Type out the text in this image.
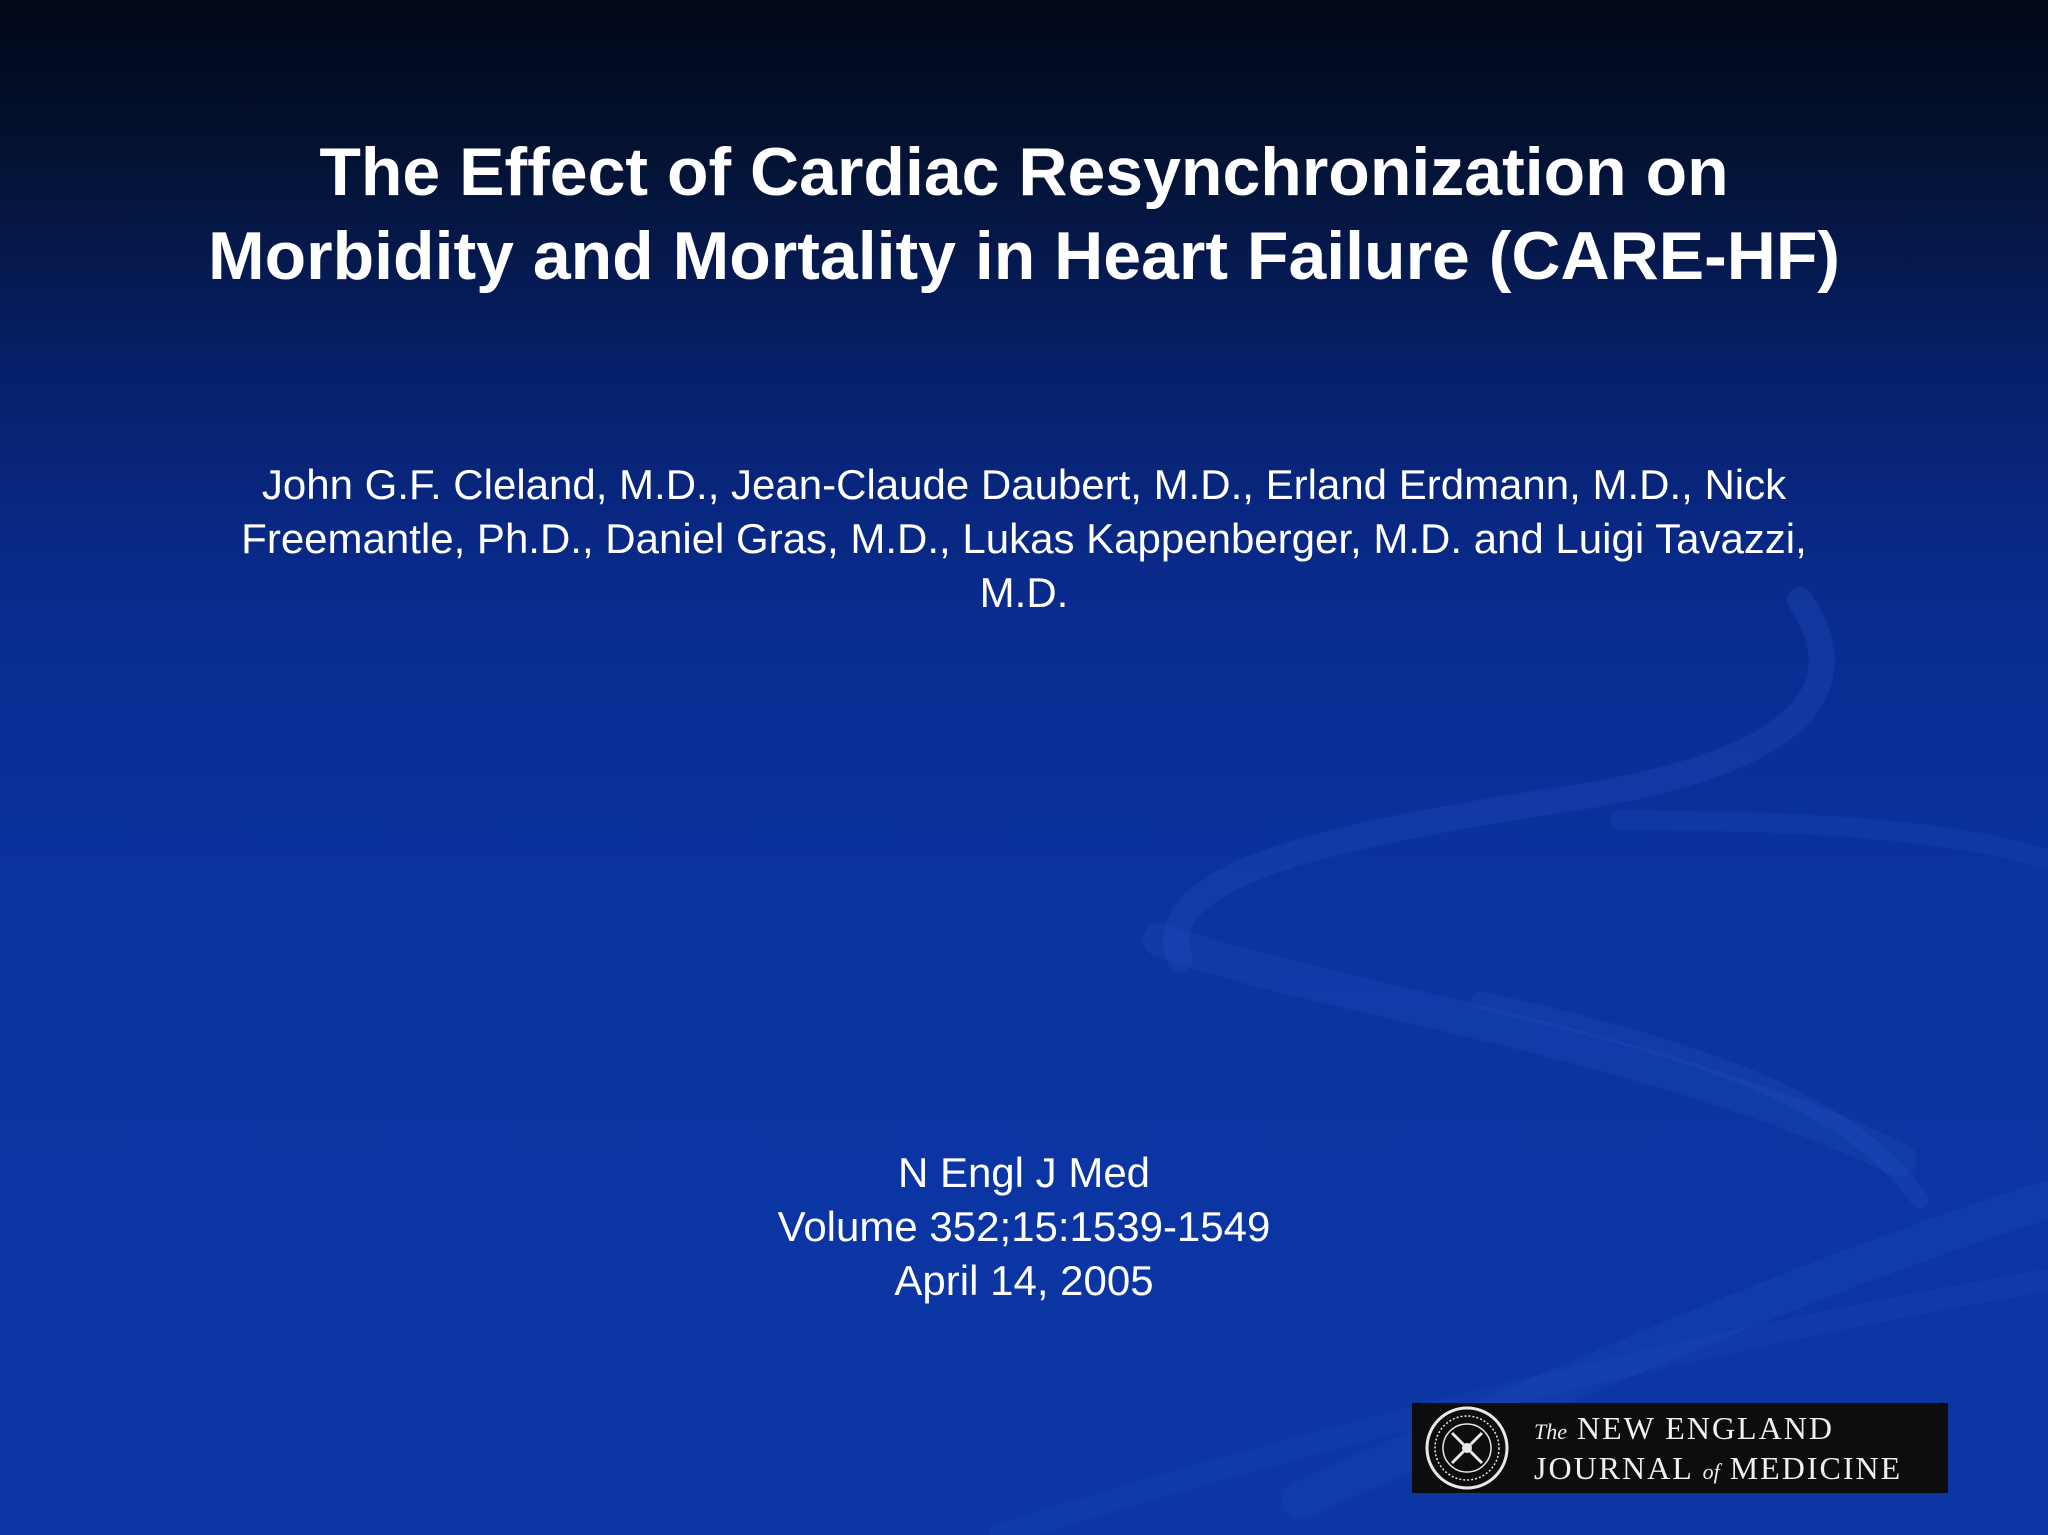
The Effect of Cardiac Resynchronization on
Morbidity and Mortality in Heart Failure (CARE-HF)
John G.F. Cleland, M.D., Jean-Claude Daubert, M.D., Erland Erdmann, M.D., Nick
Freemantle, Ph.D., Daniel Gras, M.D., Lukas Kappenberger, M.D. and Luigi Tavazzi,
M.D.
N Engl J Med
Volume 352;15:1539-1549
April 14, 2005
The NEW ENGLAND
JOURNAL of MEDICINE
